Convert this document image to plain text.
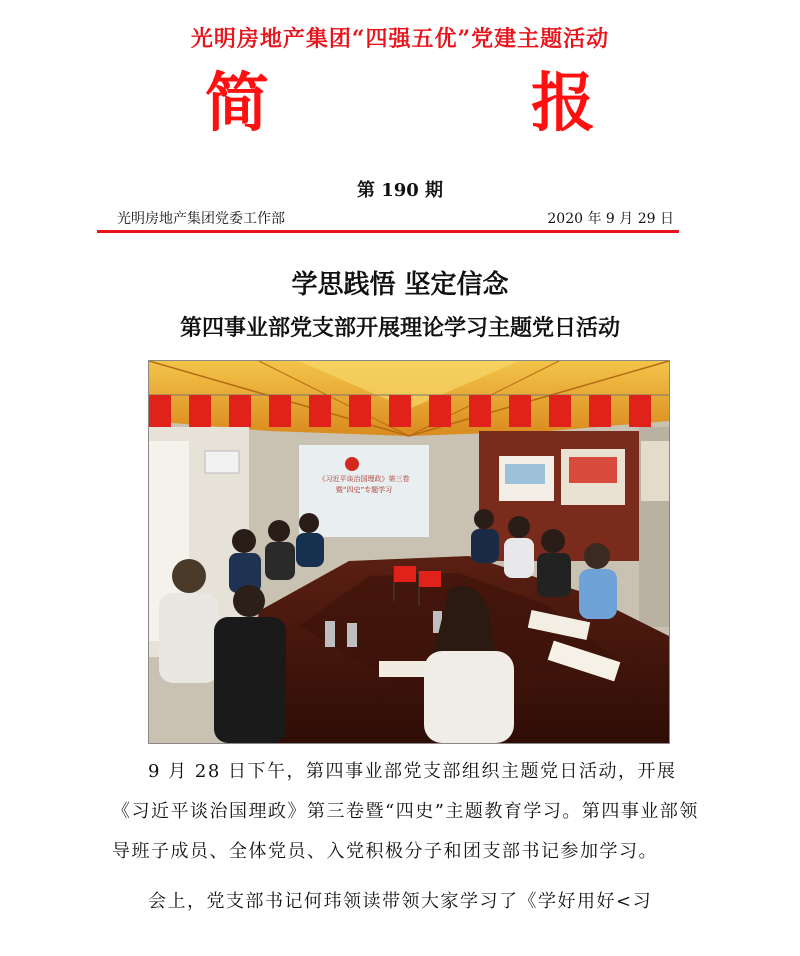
光明房地产集团“四强五优”党建主题活动
简 报
第 190 期
光明房地产集团党委工作部	2020 年 9 月 29 日
学思践悟 坚定信念
第四事业部党支部开展理论学习主题党日活动
《习近平谈治国理政》第三卷
暨“四史”专题学习

9 月 28 日下午，第四事业部党支部组织主题党日活动，开展《习近平谈治国理政》第三卷暨“四史”主题教育学习。第四事业部领导班子成员、全体党员、入党积极分子和团支部书记参加学习。

会上，党支部书记何玮领读带领大家学习了《学好用好<习
